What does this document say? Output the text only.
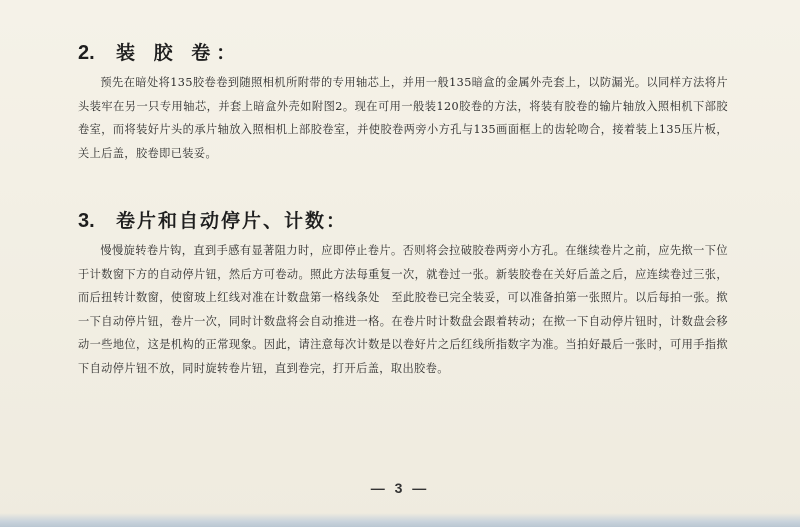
2.	装 胶 卷：

预先在暗处将135胶卷卷到随照相机所附带的专用轴芯上，并用一般135暗盒的金属外壳套上，以防漏光。以同样方法将片头装牢在另一只专用轴芯，并套上暗盒外壳如附图2。现在可用一般装120胶卷的方法，将装有胶卷的输片轴放入照相机下部胶卷室，而将装好片头的承片轴放入照相机上部胶卷室，并使胶卷两旁小方孔与135画面框上的齿轮吻合，接着装上135压片板，关上后盖，胶卷即已装妥。

3.	卷片和自动停片、计数：

慢慢旋转卷片钩，直到手感有显著阻力时，应即停止卷片。否则将会拉破胶卷两旁小方孔。在继续卷片之前，应先揿一下位于计数窗下方的自动停片钮，然后方可卷动。照此方法每重复一次，就卷过一张。新装胶卷在关好后盖之后，应连续卷过三张，而后扭转计数窗，使窗玻上红线对准在计数盘第一格线条处　至此胶卷已完全装妥，可以准备拍第一张照片。以后每拍一张。揿一下自动停片钮，卷片一次，同时计数盘将会自动推进一格。在卷片时计数盘会跟着转动；在揿一下自动停片钮时，计数盘会移动一些地位，这是机构的正常现象。因此，请注意每次计数是以卷好片之后红线所指数字为准。当拍好最后一张时，可用手指揿下自动停片钮不放，同时旋转卷片钮，直到卷完，打开后盖，取出胶卷。

— 3 —
